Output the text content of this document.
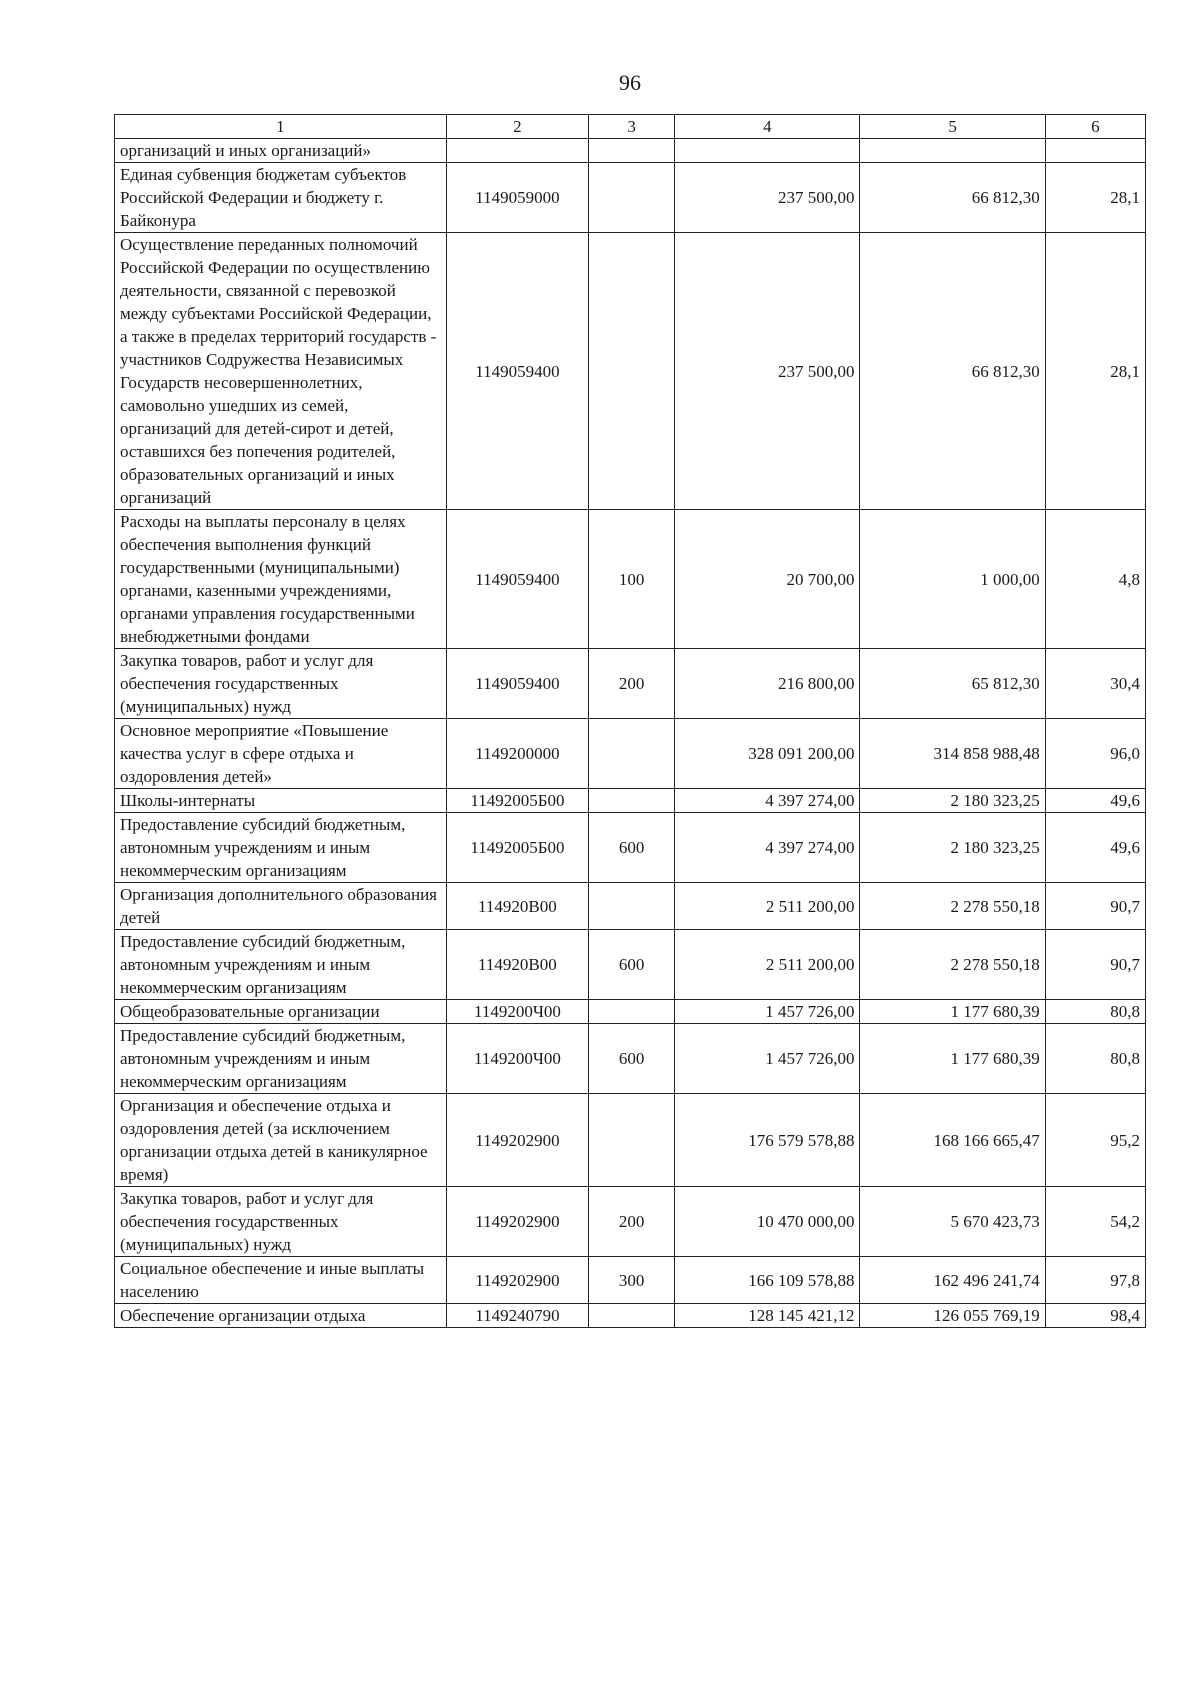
96
1	2	3	4	5	6
организаций и иных организаций»					
Единая субвенция бюджетам субъектов Российской Федерации и бюджету г. Байконура	1149059000		237 500,00	66 812,30	28,1
Осуществление переданных полномочий Российской Федерации по осуществлению деятельности, связанной с перевозкой между субъектами Российской Федерации, а также в пределах территорий государств - участников Содружества Независимых Государств несовершеннолетних, самовольно ушедших из семей, организаций для детей-сирот и детей, оставшихся без попечения родителей, образовательных организаций и иных организаций	1149059400		237 500,00	66 812,30	28,1
Расходы на выплаты персоналу в целях обеспечения выполнения функций государственными (муниципальными) органами, казенными учреждениями, органами управления государственными внебюджетными фондами	1149059400	100	20 700,00	1 000,00	4,8
Закупка товаров, работ и услуг для обеспечения государственных (муниципальных) нужд	1149059400	200	216 800,00	65 812,30	30,4
Основное мероприятие «Повышение качества услуг в сфере отдыха и оздоровления детей»	1149200000		328 091 200,00	314 858 988,48	96,0
Школы-интернаты	11492005Б00		4 397 274,00	2 180 323,25	49,6
Предоставление субсидий бюджетным, автономным учреждениям и иным некоммерческим организациям	11492005Б00	600	4 397 274,00	2 180 323,25	49,6
Организация дополнительного образования детей	114920В00		2 511 200,00	2 278 550,18	90,7
Предоставление субсидий бюджетным, автономным учреждениям и иным некоммерческим организациям	114920В00	600	2 511 200,00	2 278 550,18	90,7
Общеобразовательные организации	1149200Ч00		1 457 726,00	1 177 680,39	80,8
Предоставление субсидий бюджетным, автономным учреждениям и иным некоммерческим организациям	1149200Ч00	600	1 457 726,00	1 177 680,39	80,8
Организация и обеспечение отдыха и оздоровления детей (за исключением организации отдыха детей в каникулярное время)	1149202900		176 579 578,88	168 166 665,47	95,2
Закупка товаров, работ и услуг для обеспечения государственных (муниципальных) нужд	1149202900	200	10 470 000,00	5 670 423,73	54,2
Социальное обеспечение и иные выплаты населению	1149202900	300	166 109 578,88	162 496 241,74	97,8
Обеспечение организации отдыха	1149240790		128 145 421,12	126 055 769,19	98,4
